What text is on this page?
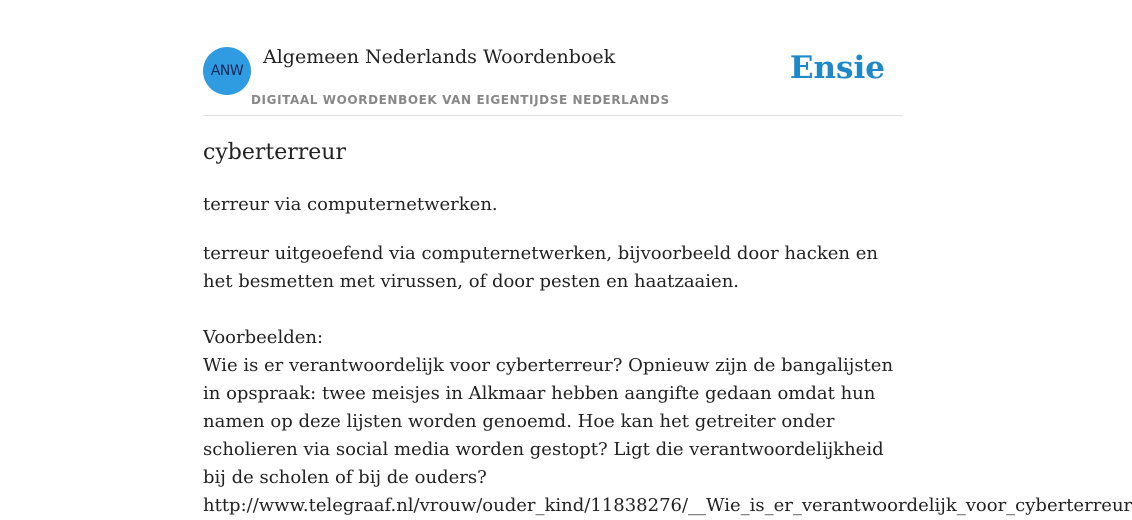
ANW
Algemeen Nederlands Woordenboek
DIGITAAL WOORDENBOEK VAN EIGENTIJDSE NEDERLANDS
Ensie
cyberterreur
terreur via computernetwerken.
terreur uitgeoefend via computernetwerken, bijvoorbeeld door hacken en het besmetten met virussen, of door pesten en haatzaaien.
Voorbeelden:
Wie is er verantwoordelijk voor cyberterreur? Opnieuw zijn de bangalijsten in opspraak: twee meisjes in Alkmaar hebben aangifte gedaan omdat hun namen op deze lijsten worden genoemd. Hoe kan het getreiter onder scholieren via social media worden gestopt? Ligt die verantwoordelijkheid bij de scholen of bij de ouders?
http://www.telegraaf.nl/vrouw/ouder_kind/11838276/__Wie_is_er_verantwoordelijk_voor_cyberterreur
